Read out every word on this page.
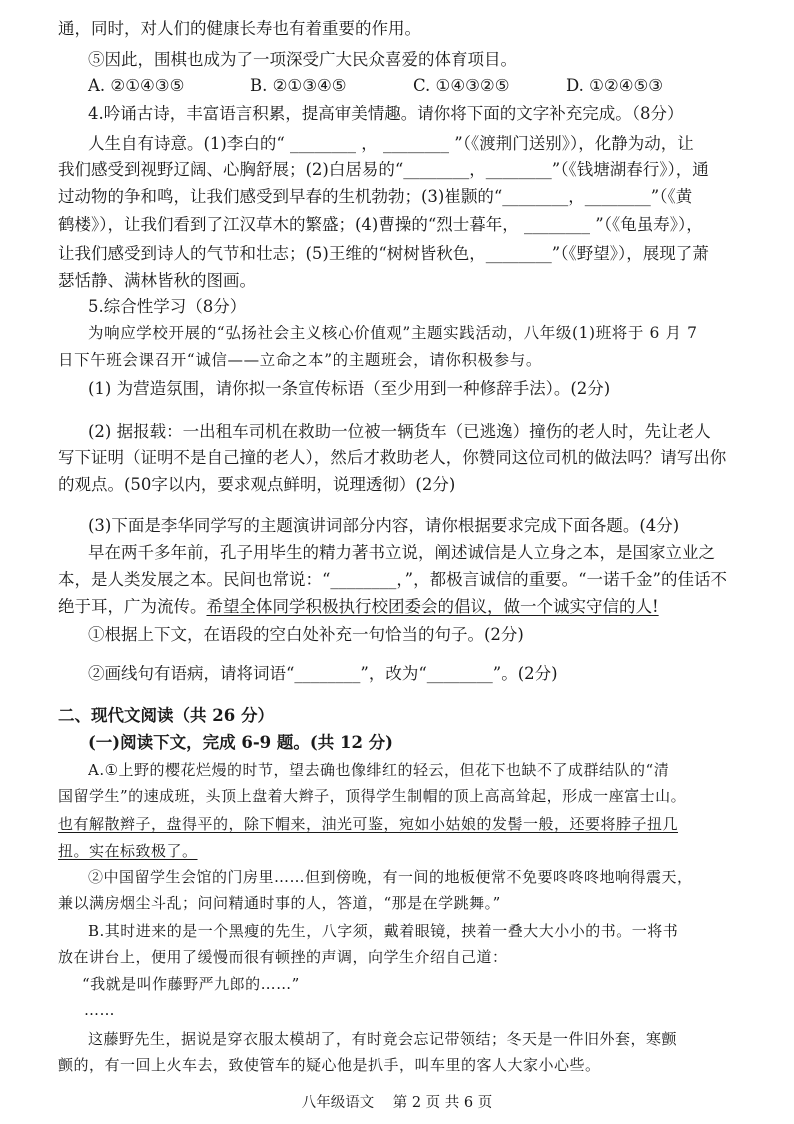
通，同时，对人们的健康长寿也有着重要的作用。
⑤因此，围棋也成为了一项深受广大民众喜爱的体育项目。
A. ②①④③⑤	B. ②①③④⑤	C. ①④③②⑤	D. ①②④⑤③
4.吟诵古诗，丰富语言积累，提高审美情趣。请你将下面的文字补充完成。（8分）
人生自有诗意。(1)李白的“ ________ ， ________ ”（《渡荆门送别》），化静为动，让
我们感受到视野辽阔、心胸舒展；(2)白居易的“________，________”（《钱塘湖春行》），通
过动物的争和鸣，让我们感受到早春的生机勃勃；(3)崔颢的“________，________”（《黄
鹤楼》），让我们看到了江汉草木的繁盛；(4)曹操的“烈士暮年， ________ ”（《龟虽寿》），
让我们感受到诗人的气节和壮志；(5)王维的“树树皆秋色，________”（《野望》），展现了萧
瑟恬静、满林皆秋的图画。
5.综合性学习（8分）
为响应学校开展的“弘扬社会主义核心价值观”主题实践活动，八年级(1)班将于 6 月 7
日下午班会课召开“诚信——立命之本”的主题班会，请你积极参与。
(1) 为营造氛围，请你拟一条宣传标语（至少用到一种修辞手法）。(2分)
(2) 据报载：一出租车司机在救助一位被一辆货车（已逃逸）撞伤的老人时，先让老人
写下证明（证明不是自己撞的老人），然后才救助老人，你赞同这位司机的做法吗？请写出你
的观点。(50字以内，要求观点鲜明，说理透彻）(2分)
(3)下面是李华同学写的主题演讲词部分内容，请你根据要求完成下面各题。(4分)
早在两千多年前，孔子用毕生的精力著书立说，阐述诚信是人立身之本，是国家立业之
本，是人类发展之本。民间也常说：“________，”，都极言诚信的重要。“一诺千金”的佳话不
绝于耳，广为流传。希望全体同学积极执行校团委会的倡议，做一个诚实守信的人!
①根据上下文，在语段的空白处补充一句恰当的句子。(2分)
②画线句有语病，请将词语“________”，改为“________”。(2分)
二、现代文阅读（共 26 分）
(一)阅读下文，完成 6-9 题。(共 12 分)
A.①上野的樱花烂熳的时节，望去确也像绯红的轻云，但花下也缺不了成群结队的“清
国留学生”的速成班，头顶上盘着大辫子，顶得学生制帽的顶上高高耸起，形成一座富士山。
也有解散辫子，盘得平的，除下帽来，油光可鉴，宛如小姑娘的发髻一般，还要将脖子扭几
扭。实在标致极了。
②中国留学生会馆的门房里……但到傍晚，有一间的地板便常不免要咚咚咚地响得震天，
兼以满房烟尘斗乱；问问精通时事的人，答道，“那是在学跳舞。”
B.其时进来的是一个黑瘦的先生，八字须，戴着眼镜，挟着一叠大大小小的书。一将书
放在讲台上，便用了缓慢而很有顿挫的声调，向学生介绍自己道：
“我就是叫作藤野严九郎的……”
……
这藤野先生，据说是穿衣服太模胡了，有时竟会忘记带领结；冬天是一件旧外套，寒颤
颤的，有一回上火车去，致使管车的疑心他是扒手，叫车里的客人大家小心些。
八年级语文    第 2 页 共 6 页
